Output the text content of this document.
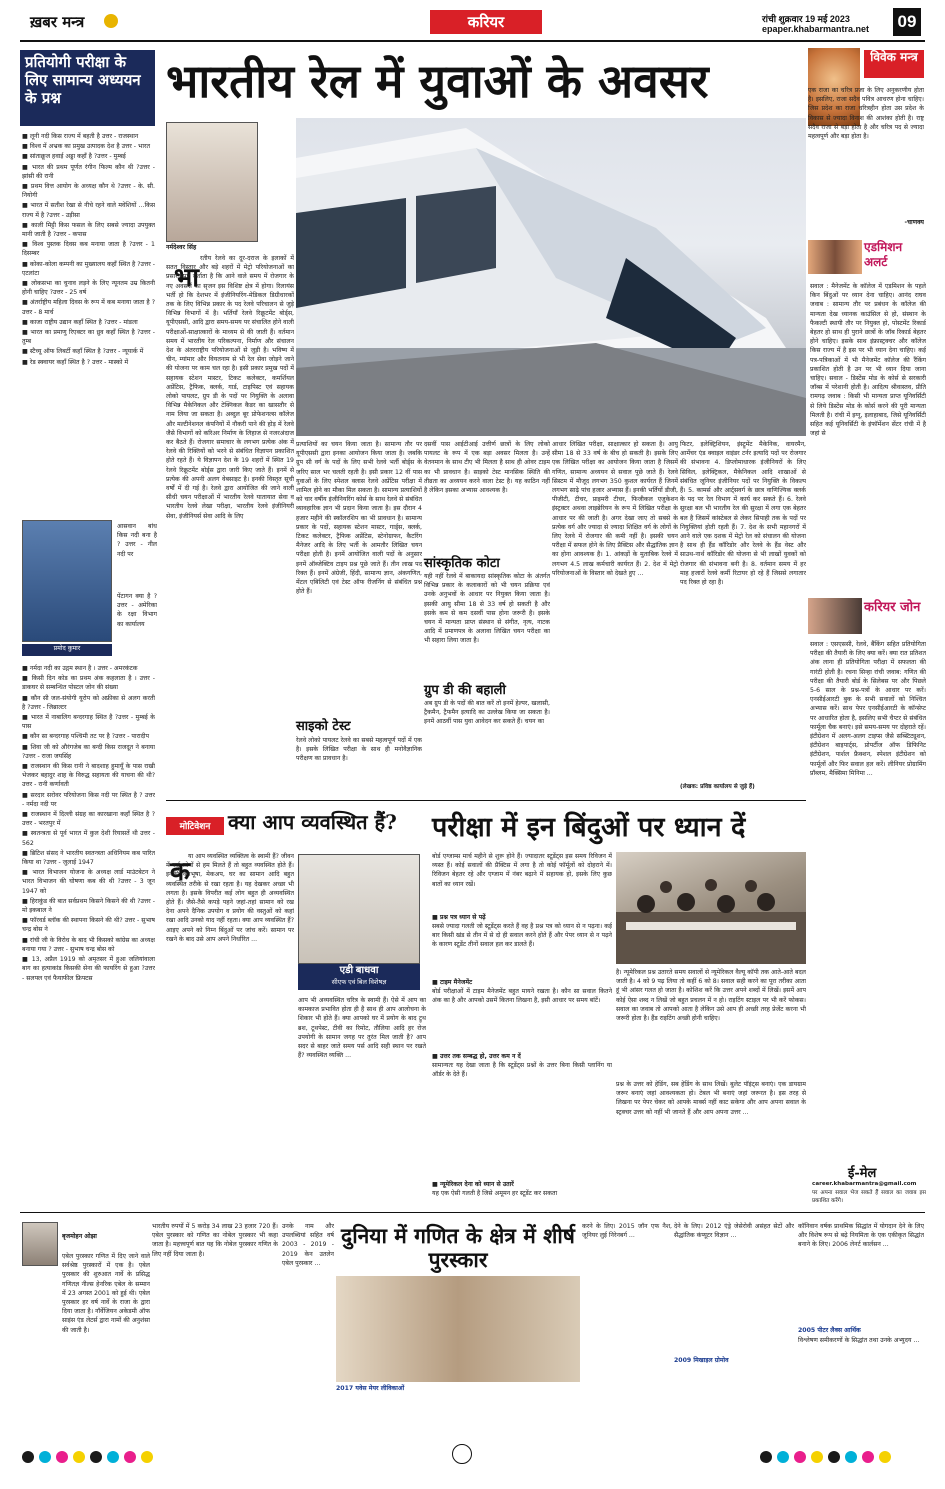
ख़बर मन्त्र	करियर	रांची शुक्रवार 19 मई 2023
epaper.khabarmantra.net 09
प्रतियोगी परीक्षा के लिए सामान्य अध्ययन के प्रश्न
■ लूनी नदी किस राज्य में बहती है उत्तर - राजस्थान
■ विश्व में अभ्रक का प्रमुख उत्पादक देश है उत्तर - भारत
■ सांताक्रूज हवाई अड्डा कहाँ है ?उत्तर - मुम्बई
■ भारत की प्रथम पूर्णत रंगीन फिल्म कौन थी ?उत्तर - झांसी की रानी
■ प्रथम वित्त आयोग के अध्यक्ष कौन थे ?उत्तर - के. सी. नियोगी
■ भारत में सतीश रेखा से नीचे रहने वाले मवेशियों ...किस राज्य में है ?उत्तर - उड़ीसा
■ काली मिट्टी किस फसल के लिए सबसे ज्यादा उपयुक्त मानी जाती है ?उत्तर - कपास
■ विश्व पुस्तक दिवस कब मनाया जाता है ?उत्तर - 1 दिसम्बर
■ कोका-कोला कम्पनी का मुख्यालय कहाँ स्थित है ?उत्तर - एटलांटा
■ लोकसभा का चुनाव लड़ने के लिए न्यूनतम उम्र कितनी होनी चाहिए ?उत्तर - 25 वर्ष
■ अंतर्राष्ट्रीय महिला दिवस के रूप में कब मनाया जाता है ?उत्तर - 8 मार्च
■ काजा राष्ट्रीय उद्यान कहाँ स्थित है ?उत्तर - मांडला
■ भारत का प्रमाणु रिएक्टर का ध्रुव कहाँ स्थित है ?उत्तर - तुम्ब
■ स्टैच्यू ऑफ लिबर्टी कहाँ स्थित है ?उत्तर - न्यूयार्क में
■ रेड स्क्वायर कहाँ स्थित है ? उत्तर - मास्को में
आसवान बांध किस नदी बना है ? उत्तर - नील नदी पर
पेंटागन क्या है ? उत्तर - अमेरिका के रक्षा विभाग का कार्यालय
प्रमोद कुमार
■ नर्मदा नदी का उद्गम स्थान है । उत्तर - अमरकंटक
■ किसी दिन कोड का प्रथम अंक कहलाता है । उत्तर - डाकघर से सम्बन्धित पोस्टल जोन की संख्या
■ कौन सी जल-संयोगी यूरोप को अफ्रीका से अलग करती है ?उत्तर - जिब्राल्टर
■ भारत में नाबालिग बन्दरगाह स्थित है ?उत्तर - मुम्बई के पास
■ कौन सा बन्दरगाह पश्चिमी तट पर है ?उत्तर - पारादीप
■ शिवा जी को औरंगजेब का बन्दी किस राजदूत ने बनाया ?उत्तर - राजा जयसिंह
■ राजस्थान की किस रानी ने बादशाह हुमायूँ के पास राखी भेजकर बहादुर शाह के विरुद्ध सहायता की याचना की थी?उत्तर - रानी कर्णावती
■ सरदार सरोवर परियोजना किस नदी पर स्थित है ? उत्तर - नर्मदा नदी पर
■ राजस्थान में दिल्ली संग्रह का कारखाना कहाँ स्थित है ?उत्तर - भरतपुर में
■ स्वतन्त्रता से पूर्व भारत में कुल देशी रियासतें थी उत्तर - 562
■ ब्रिटिश संसद ने भारतीय स्वतन्त्रता अधिनियम कब पारित किया था ?उत्तर - जुलाई 1947
■ भारत विभाजन योजना के अध्यक्ष लार्ड माउंटबेटन ने भारत विभाजन की घोषणा कब की थी ?उत्तर - 3 जून 1947 को
■ हिराकुंड की बात सर्वप्रथम किसने किसने की थी ?उत्तर - मो इकबाल ने
■ फॉरवर्ड ब्लॉक की स्थापना किसने की थी? उत्तर - सुभाष चन्द्र बोस ने
■ रांची जी के विरोध के बाद भी किसको कांग्रेस का अध्यक्ष बनाया गया ? उत्तर - सुभाष चन्द्र बोस को
■ 13, अप्रैल 1919 को अमृतसर में हुआ जलियांवाला बाग का हत्याकांड किसकी सेना की फायरिंग से हुआ ?उत्तर - सलफ्ल एवं फैयाफील फ्रिफ्टस
भारतीय रेल में युवाओं के अवसर	विवेक मन्त्र
एक राजा का चरित्र प्रजा के लिए अनुकरणीय होता है। इसलिए, राजा सदैव पवित्र आचरण होना चाहिए। जिस प्रदेश का राजा चरित्रहीन होता उस प्रदेश के विकास से ज्यादा विनाश की आशंका होती है। राष्ट्र सदैव राजा से बड़ा होता है और चरित्र पद से ज्यादा महत्वपूर्ण और बड़ा होता है।
-चाणक्य
एडमिशन अलर्ट
सवाल : मैनेजमेंट के कॉलेज में एडमिशन के पहले किन बिंदुओं पर ध्यान देना चाहिए। आनंद राघव जवाब : सामान्य तौर पर प्रबंधन के कॉलेज की मान्यता देख ध्यानक काउंसिल से हो, संस्थान के फैकल्टी स्थायी तौर पर नियुक्त हो, पोस्टमेंट रिकार्ड बेहतर हो साथ ही पुराने छात्रों के जॉब रिकार्ड बेहतर होने चाहिए। इसके साथ इंफ्रास्ट्रक्चर और कॉलेज किस राज्य में है इस पर भी ध्यान देना चाहिए। कई पत्र-पत्रिकाओं में भी मैनेजमेंट कॉलेज की रैंकिंग प्रकाशित होती है उन पर भी ध्यान दिया जाना चाहिए। सवाल - डिस्टेंस मोड के कोर्स से सरकारी जॉब्स में परेशानी होती है। आदित्य श्रीवास्तव, प्रीति रामगढ़ जवाब : किसी भी मान्यता प्राप्त यूनिवर्सिटी से लिये डिस्टेंस मोड के कोर्स करने की पूरी मान्यता मिलती है। रांची में इग्नू, इलाहाबाद, जिसे यूनिवर्सिटी सहित कई यूनिवर्सिटी के इंफॉर्मेशन सेंटर रांची में है जहां से
करियर जोन
सवाल : एसएससी, रेलवे, बैंकिंग सहित प्रतियोगिता परीक्षा की तैयारी के लिए क्या करें। क्या रात प्रतिशत अंक लाना ही प्रतियोगिता परीक्षा में सफलता की गारंटी होती है। रचना सिन्हा रांची जवाब: गणित की परीक्षा की तैयारी बोर्ड के सिलेबस पर और पिछले 5-6 साल के प्रश्न-पत्रों के आधार पर करें। एनसीईआरटी बुक के सभी सवालों को निश्चित अभ्यास करें। साथ पेपर एनसीईआरटी के कॉन्सेप्ट पर आधारित होता है, इसलिए सभी चैप्टर से संबंधित फार्मूला चैक बनाएं। इसे समय-समय पर दोहराते रहें। इंटीग्रेशन में अलग-अलग टाइप्स जैसे सब्स्टिट्यूशन, इंटीग्रेशन बाइपार्ट्स, प्रोपर्टीज ऑफ डिफिनिट इंटीग्रेशन, पार्शल फ्रैक्शन, स्पेशल इंटीग्रेशन को फार्मूलों और फिर सवाल हल करें। लीनियर प्रोग्रामिंग प्रॉब्लम, मैक्सिमा मिनिमा ...
ई-मेल
career.khabarmantra@gmail.com
पर अपना सवाल भेज सकते हैं सवाल का जवाब इस प्रकाशित करेंगे।
नर्मदेश्वर सिंह
भा
रतीय रेलवे का दूर-दराज के इलाकों में सतत विस्तार और बड़े शहरों में मेट्रो परियोजनाओं का प्रसार स्पष्ट दर्शाता है कि आने वाले समय में रोजगार के नए अवसरों का सृजन इस विशिष्ट क्षेत्र में होगा। रिलायंस भर्ती हो कि देशभर में इंजीनियरिंग-मेडिकल डिग्रीधारकों तक के लिए विभिन्न प्रकार के पद रेलवे परिचालन से जुड़े विभिन्न विभागों में है। भर्तियाँ रेलवे रिक्रूटमेंट बोर्ड्स, यूपीएससी, आदि द्वारा समय-समय पर संचालित होने वाली परीक्षाओं-साक्षात्कारों के माध्यम से की जाती हैं। वर्तमान समय में भारतीय रेल परिकल्पना, निर्माण और संचालन देश के अंतरराष्ट्रीय परियोजनाओं से जुड़ी है। भविष्य में चीन, म्यांमार और वियतनाम से भी रेल सेवा जोड़ने जाने की योजना पर काम चल रहा है। इसी प्रकार प्रमुख पदों में सहायक स्टेशन मास्टर, टिकट कलेक्टर, कमर्शियल अप्रेंटिस, ट्रैफिक, क्लर्क, गार्ड, टाइपिस्ट एवं सहायक लोको पायलट, ग्रुप डी के पदों पर नियुक्ति के अलावा विभिन्न मैकेनिकल और टेक्निकल कैडर का खासतौर से नाम लिया जा सकता है। अब्दुल बूर प्रोफेशनल्स कॉलेज और मल्टीनेशनल कंपनियों में नौकरी पाने की होड़ में रेलवे जैसे विभागों को करिअर निर्माण के लिहाज से नजरअंदाज कर बैठते हैं। रोजगार समाचार के लगभग प्रत्येक अंक में रेलवे की रिक्तियों को भरने से संबंधित विज्ञापन प्रकाशित होते रहते हैं। ये विज्ञापन देश के 19 शहरों में स्थित 19 रेलवे रिक्रूटमेंट बोर्ड्स द्वारा जारी किए जाते हैं। इनमें से प्रत्येक की अपनी अलग वेबसाइट है। इनकी विस्तृत सूची वर्षों में दी गई है। रेलवे द्वारा आयोजित की जाने वाली सीधी चयन परीक्षाओं में भारतीय रेलवे यातायात सेवा व भारतीय रेलवे लेखा परीक्षा, भारतीय रेलवे इंजीनियरी सेवा, इंजीनियर्स सेवा आदि के लिए
प्रत्याशियों का चयन किया जाता है। सामान्य तौर पर यूपीएससी द्वारा इनका आयोजन किया जाता है। जबकि ग्रुप सी वर्ग के पदों के लिए सभी रेलवे भर्ती बोर्ड्स के जरिए साल भर चलती रहती है। इसी प्रकार 12 वीं पास युवाओं के लिए स्पेशल क्लास रेलवे अप्रेंटिस परीक्षा में शामिल होने का मौका मिल सकता है। सामान्य प्रत्याशियों को चार वर्षीय इंजीनियरिंग कोर्स के साथ रेलवे से संबंधित व्यावहारिक ज्ञान भी प्रदान किया जाता है। इस दौरान 4 हजार महीने की स्कॉलरशिप का भी प्रावधान है। सामान्य प्रकार के पदों, सहायक स्टेशन मास्टर, गार्ड्स, क्लर्क, टिकट कलेक्टर, ट्रैफिक अप्रेंटिस, स्टेनोग्राफर, कैटरिंग मैनेजर आदि के लिए भर्ती के आमतौर लिखित चयन परीक्षा होती है। इनमें आयोजित वाली पदों के अनुसार इनमें ऑब्जेक्टिव टाइप प्रश्न पूछे जाते हैं। तीन लाख पद रिक्त हैं। इनमें अंग्रेजी, हिंदी, सामान्य ज्ञान, अंकगणित, मेंटल एबिलिटी एवं टेस्ट ऑफ रीजनिंग से संबंधित प्रश्न होते हैं।
साइको टेस्ट
रेलवे लोको पायलट रेलवे का सबसे महत्वपूर्ण पदों में एक है। इसके लिखित परीक्षा के साथ ही मनोवैज्ञानिक परीक्षण का प्रावधान है।
दसवीं पास आईटीआई उत्तीर्ण छात्रों के लिए लोको पायलट के रूप में एक बड़ा अवसर मिलता है। उन्हें वेतनमान के साथ टीए भी मिलता है साथ ही ओवर टाइम का भी प्रावधान है। साइको टेस्ट मानसिक स्थिति की तीव्रता का अध्ययन करने वाला टेस्ट है। यह काठिन नहीं है लेकिन इसका अभ्यास आवश्यक है।
सांस्कृतिक कोटा
यही नहीं रेलवे में बाकायदा सांस्कृतिक कोटा के अंतर्गत विभिन्न प्रकार के कलाकारों को भी चयन प्रक्रिया एवं उनके अनुभवों के आधार पर नियुक्त किया जाता है। इसकी आयु सीमा 18 से 33 वर्ष हो सकती है और इसके कम से कम दसवीं पास होना जरूरी है। इसके चयन में मान्यता प्राप्त संस्थान से संगीत, नृत्य, नाटक आदि में प्रमाणपत्र के अलावा लिखित चयन परीक्षा का भी सहारा लिया जाता है।
ग्रुप डी की बहाली
अब ग्रुप डी के पदों की बात करें तो इनमें हेल्पर, खलासी, ट्रैकमैन, ट्रैफमैन इत्यादि का उल्लेख किया जा सकता है। इनमें आठवीं पास युवा आवेदन कर सकते हैं। चयन का
आधार लिखित परीक्षा, साक्षात्कार हो सकता है। आयु सीमा 18 से 33 वर्ष के बीच हो सकती है। इसके लिए एक लिखित परीक्षा का आयोजन किया जाता है जिसमें गणित, सामान्य अध्ययन से सवाल पूछे जाते हैं। रेलवे सिस्टम में मौजूद लगभग 350 कुशल कार्यरत हैं जिनमें लगभग साढ़े पांच हजार अभ्यास हैं। इनकी भर्तियों डीजी, पीजीटी, टीचर, प्राइमरी टीचर, फिजीकल एजुकेशन इंस्ट्रक्टर अथवा लाइब्रेरियन के रूप में लिखित परीक्षा के आधार पर की जाती है। अगर देखा जाए तो सबसे के प्रत्येक वर्ग और ज्यादा से ज्यादा शिक्षित वर्ग के लोगों के लिए रेलवे में रोजगार की कमी नहीं है। इसकी चयन परीक्षा में सफल होने के लिए प्रैक्टिस और सैद्धांतिक ज्ञान का होना आवश्यक है। 1. आंकड़ों के मुताबिक रेलवे में लगभग 4.5 लाख कर्मचारी कार्यरत हैं। 2. देश में मेट्रो परियोजनाओं के विस्तार को देखते हुए ...
फिटर, इलेक्ट्रिशियन, इंस्ट्रूमेंट मैकेनिक, वायरमैन, आर्मेचर एंड क्वाइल वाइंडर टर्नर इत्यादि पदों पर रोजगार की संभावना 4. डिप्लोमाधारक इंजीनियरों के लिए सिविल, इलेक्ट्रिकल, मैकेनिकल आदि शाखाओं से संबंधित जूनियर इंजीनियर पदों पर नियुक्ति के विकल्प हैं। 5. कामर्स और आर्ट्सवर्ग के छात्र वाणिज्यिक क्लर्क के पद पर रेल विभाग में कार्य कर सकते हैं। 6. रेलवे सुरक्षा बल भी भारतीय रेल की सुरक्षा में लगा एक बेहतर बल है जिसमें कांस्टेबल से लेकर सिपाही तक के पदों पर नियुक्तियां होती रहती हैं। 7. देश के सभी महानगरों में आने वाले एक दशक में मेट्रो रेल को संचालन की योजना है साथ ही हैंड कॉरिडोर और रेलवे के हैंड वेस्ट और साउथ-नार्थ कॉरिडोर की योजना से भी लाखों युवकों को रोजगार की संभावना बनी है। 8. वर्तमान समय में हर माह हजारों रेलवे कर्मी रिटायर हो रहे हैं जिससे लगातार पद रिक्त हो रहा है।
(लेखक: प्रविष्ठ कार्यालय से जुड़े हैं)
मोटिवेशन क्या आप व्यवस्थित हैं?
क
या आप व्यवस्थित व्यक्तित्व के स्वामी हैं? जीवन में कई लोगों से हम मिलते हैं तो बहुत व्यवस्थित होते हैं। इनकी वेशभूषा, मेकअप, घर का सामान आदि बहुत व्यवस्थित तरीके से रखा रहता है। यह देखकर अच्छा भी लगता है। इसके विपरीत कई लोग बहुत ही अव्यवस्थित होते हैं। जैसे-तैसे कपड़े पहने जहां-तहां सामान को रख देना अपने दैनिक उपयोग व प्रयोग की वस्तुओं को कहां रखा आदि उनको याद नहीं रहता। क्या आप व्यवस्थित हैं? आइए अपने को निम्न बिंदुओं पर जांच करें। सामान पर रखने के बाद उसे आप अपने निर्धारित ...
एडी बाधवा
सीएफ एवं बिल विशेषज्ञ
आप भी अव्यवस्थित चरित्र के स्वामी हैं। ऐसे में आप का कामकाज प्रभावित होता ही है साथ ही आप आलोचना के शिकार भी होते हैं। क्या आपको घर में प्रयोग के बाद ट्रुथ ब्रश, टूथपेस्ट, टीवी का रिमोट, तौलिया आदि हर रोज उपयोगी के सामान जगह पर तुरंत मिल जाती है? आप सदर से बाहर जाते समय पर्स आदि सही स्थान पर रखते हैं? व्यवस्थित व्यक्ति ...
परीक्षा में इन बिंदुओं पर ध्यान दें
बोर्ड एग्जाम्स मार्च महीने से शुरू होने हैं। ज्यादातर स्टूडेंट्स इस समय रिविजन में व्यस्त हैं। कोई सवालों की प्रैक्टिस में लगा है तो कोई फॉर्मूलों को दोहराने में। रिविजन बेहतर रहे और एग्जाम में नंबर बढ़ाने में सहायक हो, इसके लिए कुछ बातों का ध्यान रखें।
■ प्रश्न पत्र ध्यान से पढ़ें
सबसे ज्यादा गलती जो स्टूडेंट्स करते हैं वह है प्रश्न पत्र को ध्यान से न पढ़ना। कई बार किसी खंड से तीन में से दो ही सवाल करने होते हैं और पेपर ध्यान से न पढ़ने के कारण स्टूडेंट तीनों सवाल हल कर डालते हैं।
■ टाइम मैनेजमेंट
बोर्ड परीक्षाओं में टाइम मैनेजमेंट बहुत मायने रखता है। कौन सा सवाल कितने अंक का है और आपको उसमें कितना लिखना है, इसी आधार पर समय बांटें।
■ उत्तर तक सम्बद्ध हो, उत्तर कम न दें
सामान्यतः यह देखा जाता है कि स्टूडेंट्स प्रश्नों के उत्तर बिना किसी प्लानिंग या ऑर्डर के देते हैं।
■ न्यूमेरिकल देना को ध्यान से उतारें
यह एक ऐसी गलती है जिसे अमूमन हर स्टूडेंट कर सकता
है। न्यूमेरिकल प्रश्न उतारते समय सवालों से न्यूमेरिकल वैल्यू कॉपी तक आते-आते बदल जाती है। 4 को 9 पढ़ लिया तो कहीं 6 को 8। सवाल सही करने का पूरा तरीका आता हूं भी आंसर गलत हो जाता है। कोशिश करें कि उत्तर अपने शब्दों में लिखें। इसमें आप कोई ऐसा शब्द न लिखें जो बहुत प्रचलन में न हो। राइटिंग स्टाइल पर भी करें फोकस। सवाल का जवाब तो आपको आता है लेकिन उसे आप ही अच्छी तरह प्रेजेंट करना भी जरूरी होता है। हैंड राइटिंग अच्छी होनी चाहिए।
प्रश्न के उत्तर को हेडिंग, सब हेडिंग के साथ लिखें। बुलेट पॉइंट्स बनाएं। एक डायग्राम जरूर बनाएं जहां आवश्यकता हो। टेबल भी बनाएं जहां जरूरत है। इस तरह से लिखना पर पेपर चेकर को आपके मार्क्स नहीं काट सकेगा और आप अपना सवाल के स्ट्रक्चर उत्तर को नहीं भी जानते हैं और आप अपना उत्तर ...
बृजमोहन ओझा
एबेल पुरस्कार गणित में दिए जाने वाले सर्वश्रेष्ठ पुरस्कारों में एक है। एबेल पुरस्कार की शुरुआत नार्वे के प्रसिद्ध गणितज्ञ नील्स हेनरिक एबेल के सम्मान में 23 अगस्त 2001 को हुई थी। एबेल पुरस्कार हर वर्ष नार्वे के राजा के द्वारा दिया जाता है। नॉर्वेजियन अकेडमी ऑफ साइंस एंड लेटर्स द्वारा नामों की अनुशंसा की जाती है।
भारतीय रुपयों में 5 करोड़ 34 लाख 23 हजार 720 हैं। एबेल पुरस्कार को गणित का नोबेल पुरस्कार भी कहा जाता है। महत्त्वपूर्ण बात यह कि नोबेल पुरस्कार गणित के लिए नहीं दिया जाता है।
उनके नाम और उपलब्धियां सहित वर्ष 2003 - 2019 - 2019 केन उतलेन एबेल पुरस्कार ...
दुनिया में गणित के क्षेत्र में शीर्ष पुरस्कार
2017 यवेस मेयर लीविकाओं
करने के लिए। 2015 जॉन एफ नैश, जूनियर लुई निरेनबर्ग ...
देने के लिए। 2012 एंड्रे जेसेरोवी असंहत सेटों और सैद्धांतिक कंप्यूटर विज्ञान ...
2009 मिखाइल ग्रोमोव
कॉनिवान वर्षक प्राथमिक सिद्धांत में योगदान देने के लिए और विशेष रूप से बढ़े नियमिता के एक एकीकृत सिद्धांत बनाने के लिए। 2006 लेनर्ट कार्लसन ...
2005 पीटर लैक्स आर्थिक
विश्लेषण समीकरणों के सिद्धांत तथा उनके अभ्युदय ...
